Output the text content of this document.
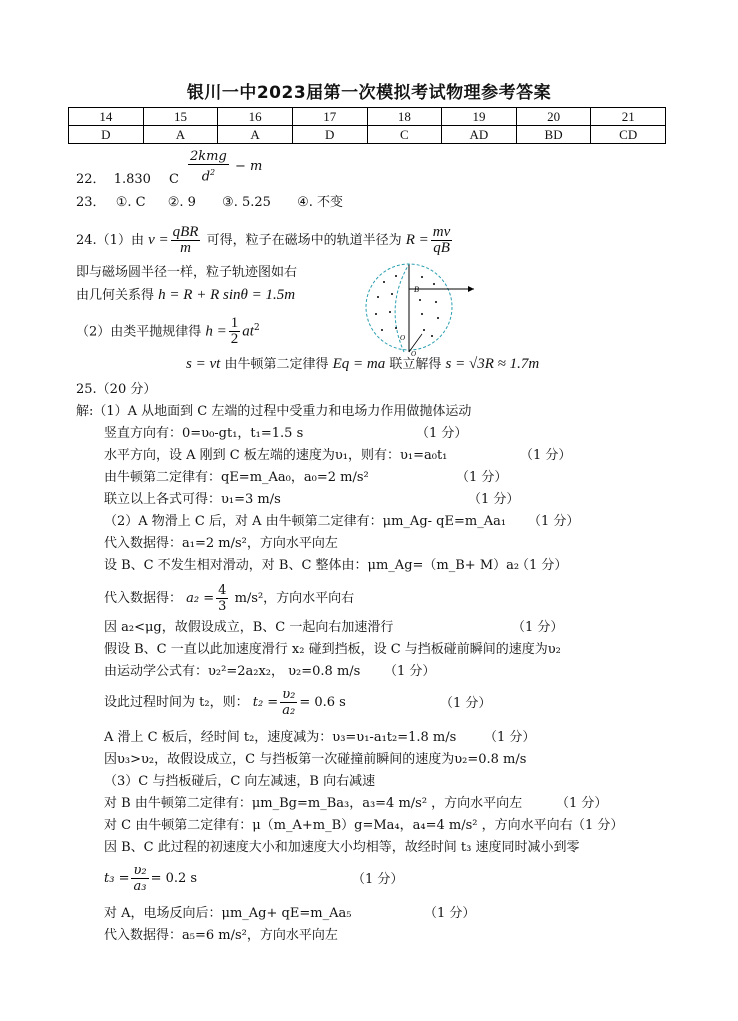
银川一中2023届第一次模拟考试物理参考答案
14	15	16	17	18	19	20	21
D	A	A	D	C	AD	BD	CD
22． 1.830 C $\frac{\text{2kmg}}{d^2} - m$
23． ①. C ②. 9 ③. 5.25 ④. 不变
24.（1）由 $v = \frac{\text{qBR}}{m}$ 可得，粒子在磁场中的轨道半径为 $R = \frac{mv}{qB}$
即与磁场圆半径一样，粒子轨迹图如右
由几何关系得 h = R + R sinθ = 1.5m
（2）由类平抛规律得 $h = \frac{1}{2} at^2$
s = vt 由牛顿第二定律得 Eq = ma 联立解得 s = √3R ≈ 1.7m
B
O
O
25.（20 分）
解:（1）A 从地面到 C 左端的过程中受重力和电场力作用做抛体运动
竖直方向有：0=υ₀-gt₁，t₁=1.5 s	（1 分）
水平方向，设 A 刚到 C 板左端的速度为υ₁，则有：υ₁=a₀t₁	（1 分）
由牛顿第二定律有：qE=m_Aa₀，a₀=2 m/s²	（1 分）
联立以上各式可得：υ₁=3 m/s	（1 分）
（2）A 物滑上 C 后，对 A 由牛顿第二定律有：μm_Ag- qE=m_Aa₁ （1 分）
代入数据得：a₁=2 m/s²，方向水平向左
设 B、C 不发生相对滑动，对 B、C 整体由：μm_Ag=（m_B+ M）a₂
（1 分）
代入数据得： $a_2 = \frac{4}{3} m/s^2$，方向水平向右
因 a₂<μg，故假设成立，B、C 一起向右加速滑行	（1 分）
假设 B、C 一直以此加速度滑行 x₂ 碰到挡板，设 C 与挡板碰前瞬间的速度为υ₂
由运动学公式有：υ₂²=2a₂x₂， υ₂=0.8 m/s （1 分）
设此过程时间为 t₂，则： $t_2 = \frac{\text{υ₂}}{\text{a₂}} = 0.6$ s	（1 分）
A 滑上 C 板后，经时间 t₂，速度减为：υ₃=υ₁-a₁t₂=1.8 m/s （1 分）
因υ₃>υ₂，故假设成立，C 与挡板第一次碰撞前瞬间的速度为υ₂=0.8 m/s
（3）C 与挡板碰后，C 向左减速，B 向右减速
对 B 由牛顿第二定律有：μm_Bg=m_Ba₃，a₃=4 m/s² ，方向水平向左	（1 分）
对 C 由牛顿第二定律有：μ（m_A+m_B）g=Ma₄，a₄=4 m/s² ，方向水平向右 （1 分）
因 B、C 此过程的初速度大小和加速度大小均相等，故经时间 t₃ 速度同时减小到零
$t_3 = \frac{\text{υ₂}}{\text{a₃}} = 0.2$ s	（1 分）
对 A，电场反向后：μm_Ag+ qE=m_Aa₅	（1 分）
代入数据得：a₅=6 m/s²，方向水平向左
